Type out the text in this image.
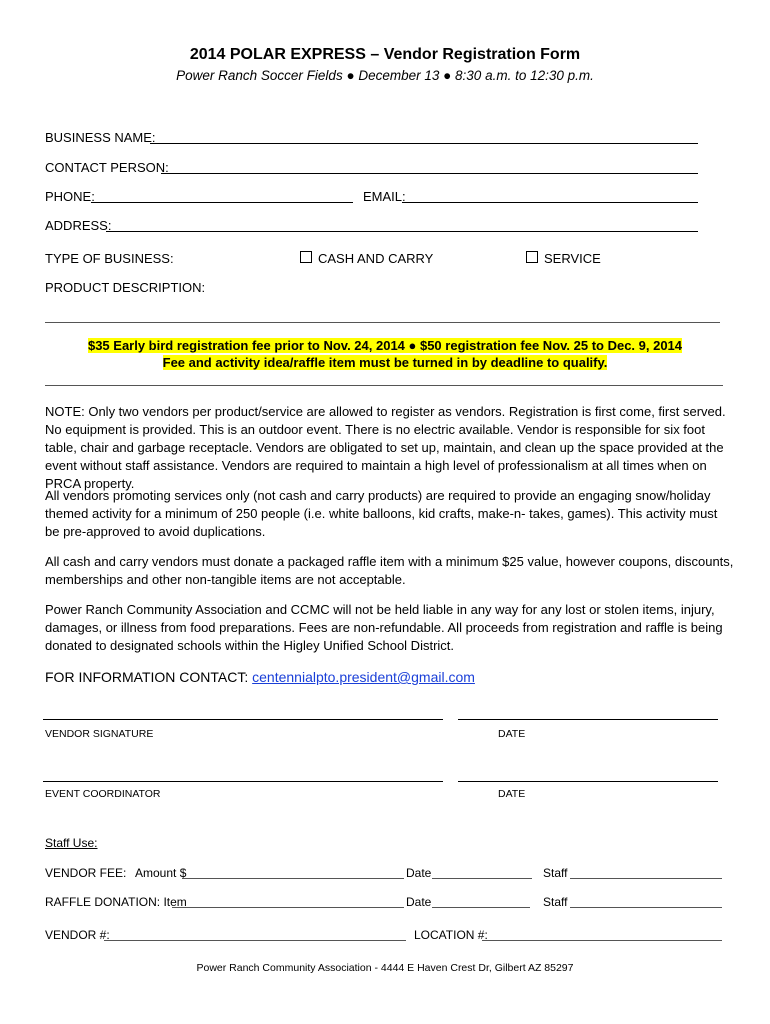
2014 POLAR EXPRESS – Vendor Registration Form
Power Ranch Soccer Fields ● December 13 ● 8:30 a.m. to 12:30 p.m.
BUSINESS NAME:
CONTACT PERSON:
PHONE:	EMAIL:
ADDRESS:
TYPE OF BUSINESS:	CASH AND CARRY	SERVICE
PRODUCT DESCRIPTION:
$35 Early bird registration fee prior to Nov. 24, 2014 ● $50 registration fee Nov. 25 to Dec. 9, 2014
Fee and activity idea/raffle item must be turned in by deadline to qualify.
NOTE: Only two vendors per product/service are allowed to register as vendors. Registration is first come, first served. No equipment is provided. This is an outdoor event. There is no electric available. Vendor is responsible for six foot table, chair and garbage receptacle. Vendors are obligated to set up, maintain, and clean up the space provided at the event without staff assistance. Vendors are required to maintain a high level of professionalism at all times when on PRCA property.
All vendors promoting services only (not cash and carry products) are required to provide an engaging snow/holiday themed activity for a minimum of 250 people (i.e. white balloons, kid crafts, make-n- takes, games). This activity must be pre-approved to avoid duplications.
All cash and carry vendors must donate a packaged raffle item with a minimum $25 value, however coupons, discounts, memberships and other non-tangible items are not acceptable.
Power Ranch Community Association and CCMC will not be held liable in any way for any lost or stolen items, injury, damages, or illness from food preparations. Fees are non-refundable. All proceeds from registration and raffle is being donated to designated schools within the Higley Unified School District.
FOR INFORMATION CONTACT: centennialpto.president@gmail.com
VENDOR SIGNATURE	DATE
EVENT COORDINATOR	DATE
Staff Use:
VENDOR FEE: Amount $	Date	Staff
RAFFLE DONATION: Item	Date	Staff
VENDOR #:	LOCATION #:
Power Ranch Community Association - 4444 E Haven Crest Dr, Gilbert AZ 85297
